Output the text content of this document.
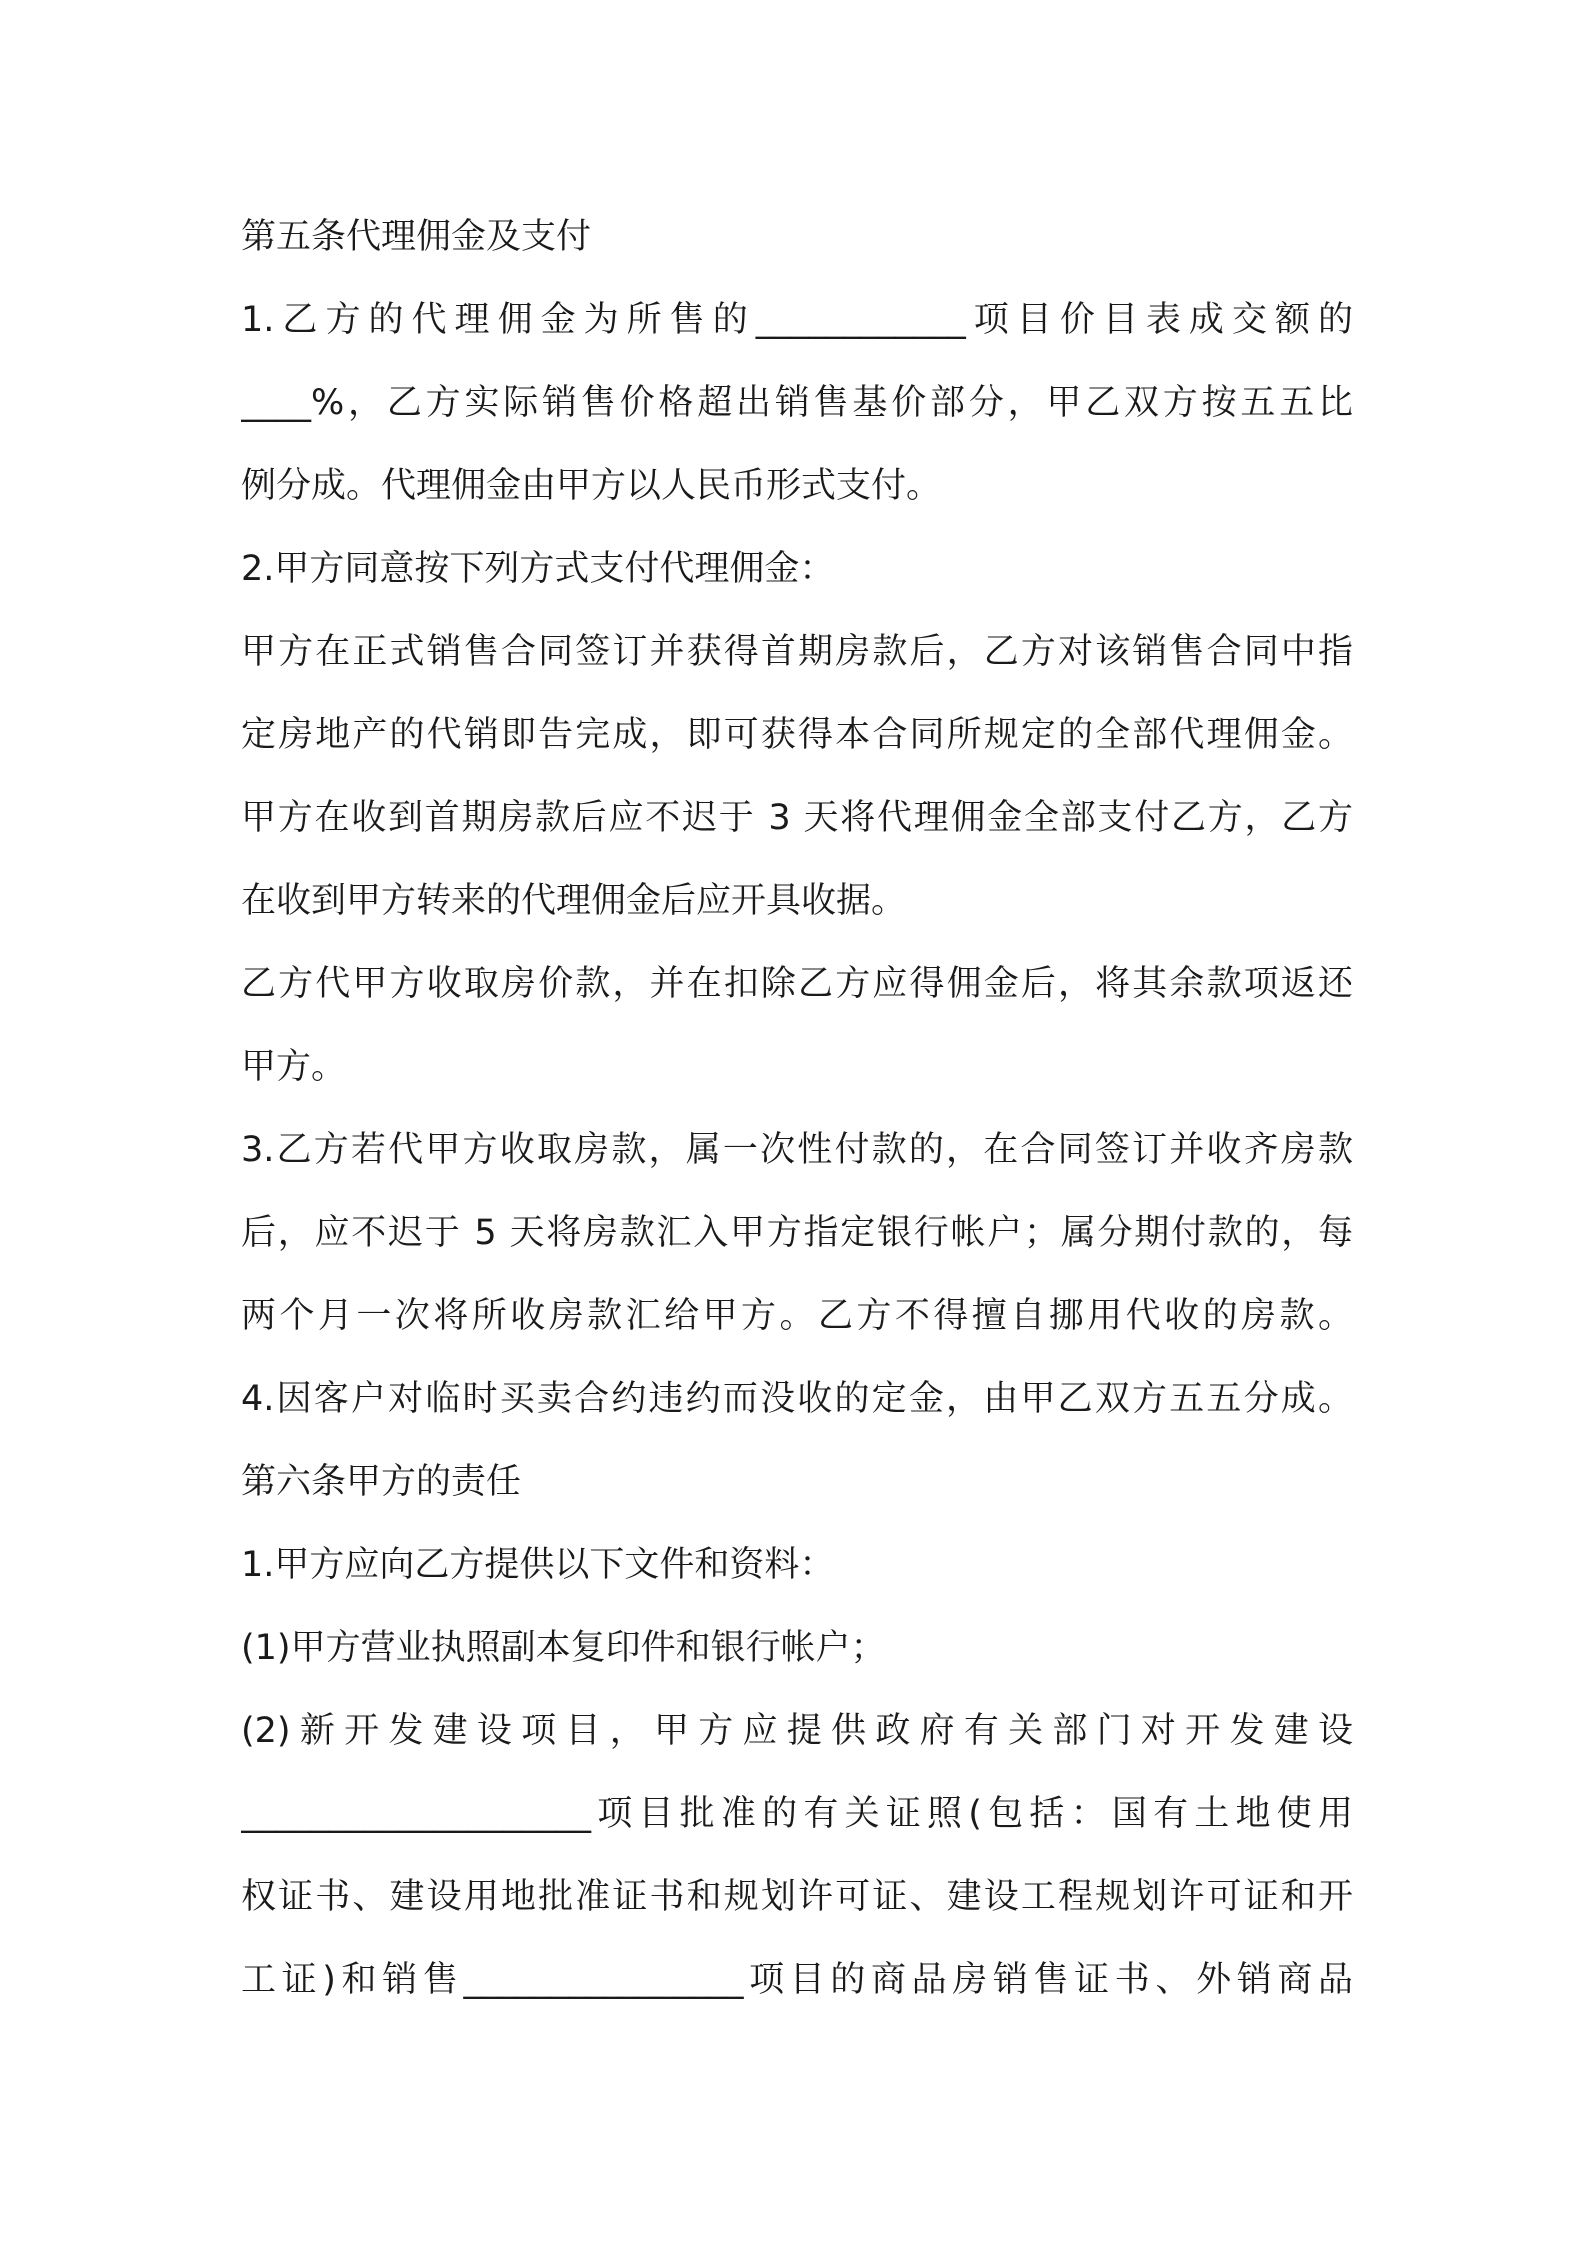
第五条代理佣金及支付
1.乙方的代理佣金为所售的____________项目价目表成交额的
____%，乙方实际销售价格超出销售基价部分，甲乙双方按五五比
例分成。代理佣金由甲方以人民币形式支付。
2.甲方同意按下列方式支付代理佣金：
甲方在正式销售合同签订并获得首期房款后，乙方对该销售合同中指
定房地产的代销即告完成，即可获得本合同所规定的全部代理佣金。
甲方在收到首期房款后应不迟于 3 天将代理佣金全部支付乙方，乙方
在收到甲方转来的代理佣金后应开具收据。
乙方代甲方收取房价款，并在扣除乙方应得佣金后，将其余款项返还
甲方。
3.乙方若代甲方收取房款，属一次性付款的，在合同签订并收齐房款
后，应不迟于 5 天将房款汇入甲方指定银行帐户；属分期付款的，每
两个月一次将所收房款汇给甲方。乙方不得擅自挪用代收的房款。
4.因客户对临时买卖合约违约而没收的定金，由甲乙双方五五分成。
第六条甲方的责任
1.甲方应向乙方提供以下文件和资料：
(1)甲方营业执照副本复印件和银行帐户；
(2)新开发建设项目，甲方应提供政府有关部门对开发建设
____________________项目批准的有关证照(包括：国有土地使用
权证书、建设用地批准证书和规划许可证、建设工程规划许可证和开
工证)和销售________________项目的商品房销售证书、外销商品
